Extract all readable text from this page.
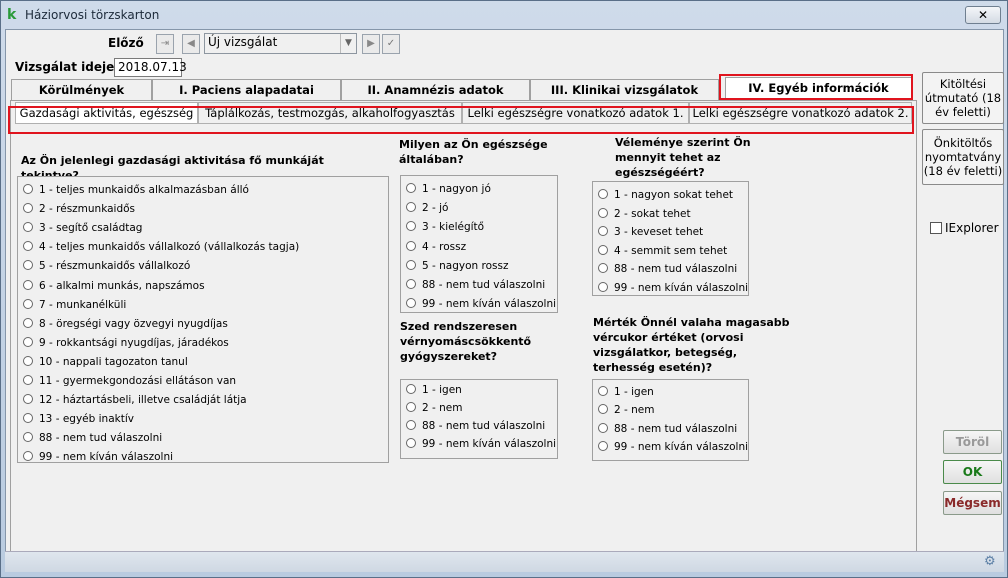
k Háziorvosi törzskarton	✕
Előző	⇥	◀	Új vizsgálat	▼	▶	✓
Vizsgálat ideje 2018.07.13
Körülmények	I. Paciens alapadatai	II. Anamnézis adatok	III. Klinikai vizsgálatok	IV. Egyéb információk
Gazdasági aktivitás, egészség	Táplálkozás, testmozgás, alkaholfogyasztás	Lelki egészségre vonatkozó adatok 1. Lelki egészségre vonatkozó adatok 2.
Az Ön jelenlegi gazdasági aktivitása fő munkáját
1 - teljes munkaidős alkalmazásban álló
2 - részmunkaidős
3 - segítő családtag
4 - teljes munkaidős vállalkozó (vállalkozás tagja)
5 - részmunkaidős vállalkozó
6 - alkalmi munkás, napszámos
7 - munkanélküli
8 - öregségi vagy özvegyi nyugdíjas
9 - rokkantsági nyugdíjas, járadékos
10 - nappali tagozaton tanul
11 - gyermekgondozási ellátáson van
12 - háztartásbeli, illetve családját látja
13 - egyéb inaktív
88 - nem tud válaszolni
99 - nem kíván válaszolni
Milyen az Ön egészsége általában?
1 - nagyon jó
2 - jó
3 - kielégítő
4 - rossz
5 - nagyon rossz
88 - nem tud válaszolni
99 - nem kíván válaszolni
Szed rendszeresen vérnyomáscsökkentő gyógyszereket?
1 - igen
2 - nem
88 - nem tud válaszolni
99 - nem kíván válaszolni
Véleménye szerint Ön mennyit tehet az egészségéért?
1 - nagyon sokat tehet
2 - sokat tehet
3 - keveset tehet
4 - semmit sem tehet
88 - nem tud válaszolni
99 - nem kíván válaszolni
Mérték Önnél valaha magasabb vércukor értéket (orvosi vizsgálatkor, betegség, terhesség esetén)?
1 - igen
2 - nem
88 - nem tud válaszolni
99 - nem kíván válaszolni
Kitöltési útmutató (18 év feletti)
Önkitöltős nyomtatvány (18 év feletti)
IExplorer
Töröl
OK
Mégsem
⚙
